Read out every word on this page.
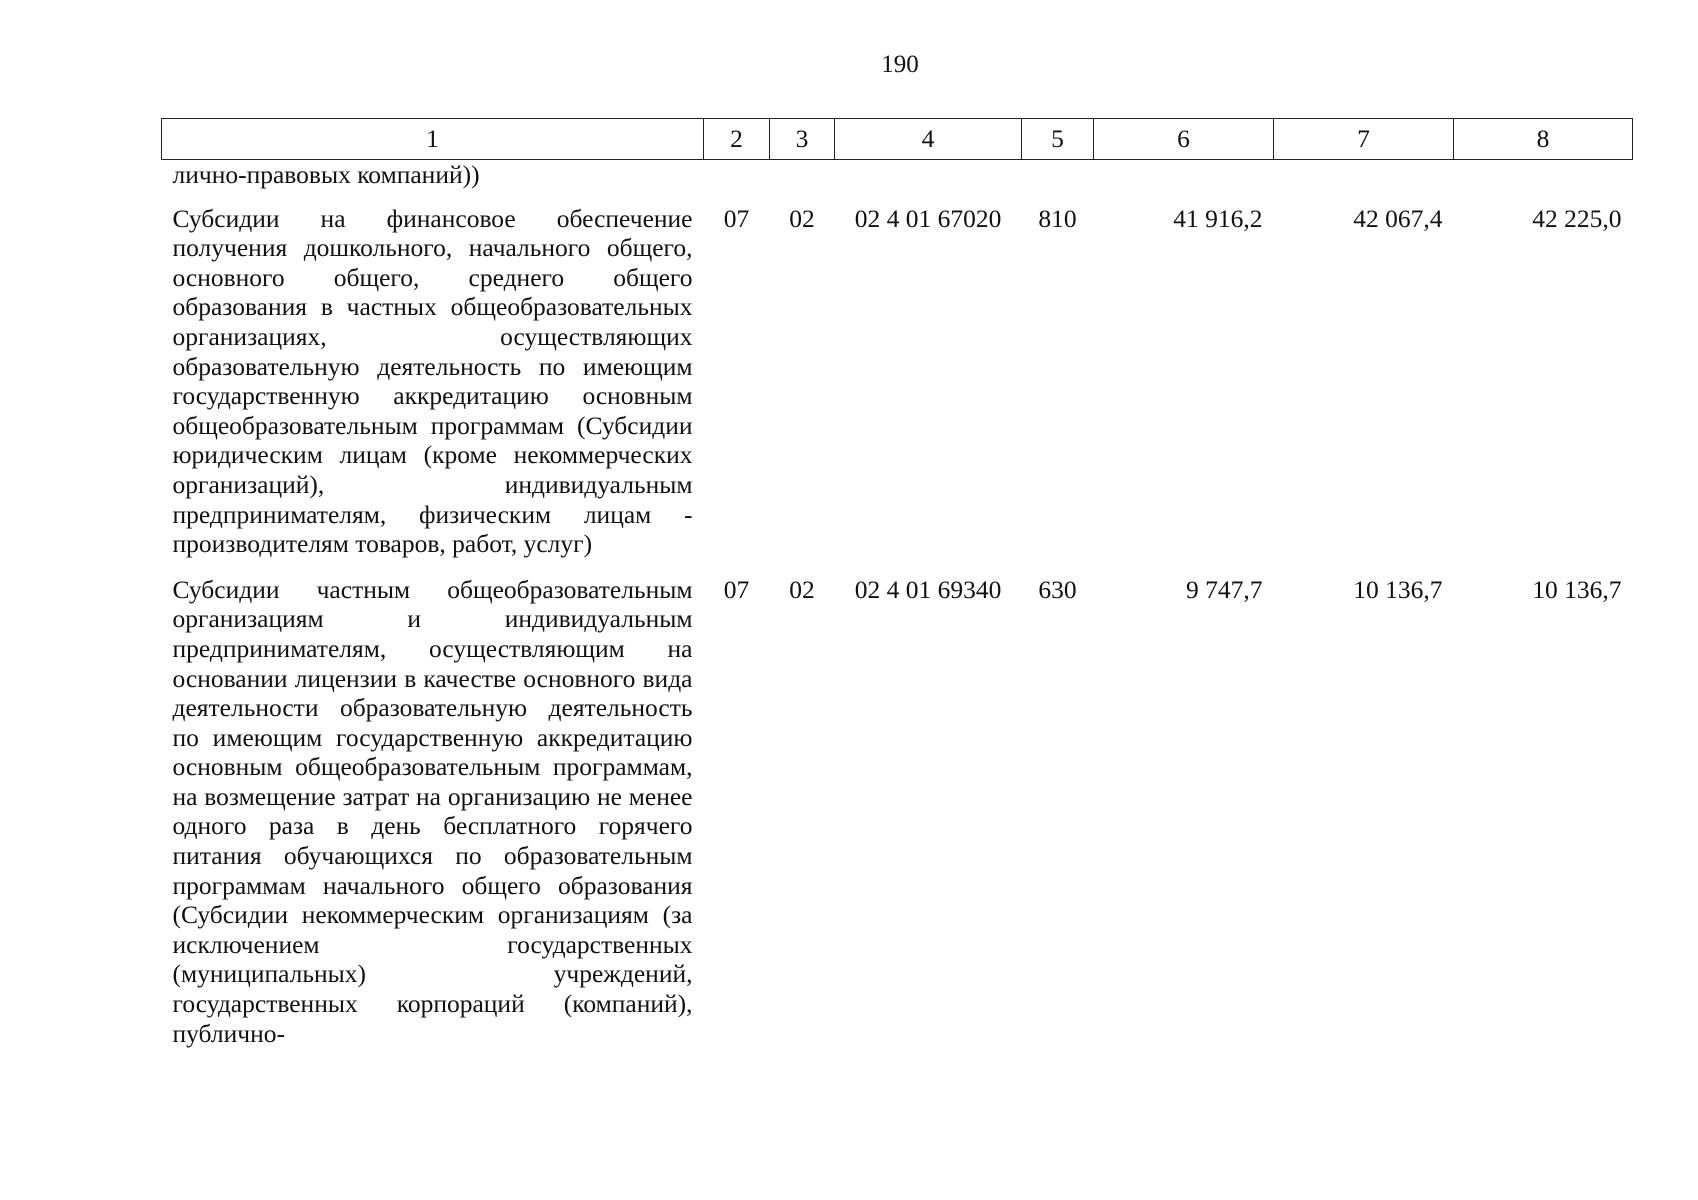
190
1	2	3	4	5	6	7	8
лично-правовых компаний))							
Субсидии на финансовое обеспечение получения дошкольного, начального общего, основного общего, среднего общего образования в частных общеобразовательных организациях, осуществляющих образовательную деятельность по имеющим государственную аккредитацию основным общеобразовательным программам (Субсидии юридическим лицам (кроме некоммерческих организаций), индивидуальным предпринимателям, физическим лицам - производителям товаров, работ, услуг)	07	02	02 4 01 67020	810	41 916,2	42 067,4	42 225,0
Субсидии частным общеобразовательным организациям и индивидуальным предпринимателям, осуществляющим на основании лицензии в качестве основного вида деятельности образовательную деятельность по имеющим государственную аккредитацию основным общеобразовательным программам, на возмещение затрат на организацию не менее одного раза в день бесплатного горячего питания обучающихся по образовательным программам начального общего образования (Субсидии некоммерческим организациям (за исключением государственных (муниципальных) учреждений, государственных корпораций (компаний), публично-	07	02	02 4 01 69340	630	9 747,7	10 136,7	10 136,7
